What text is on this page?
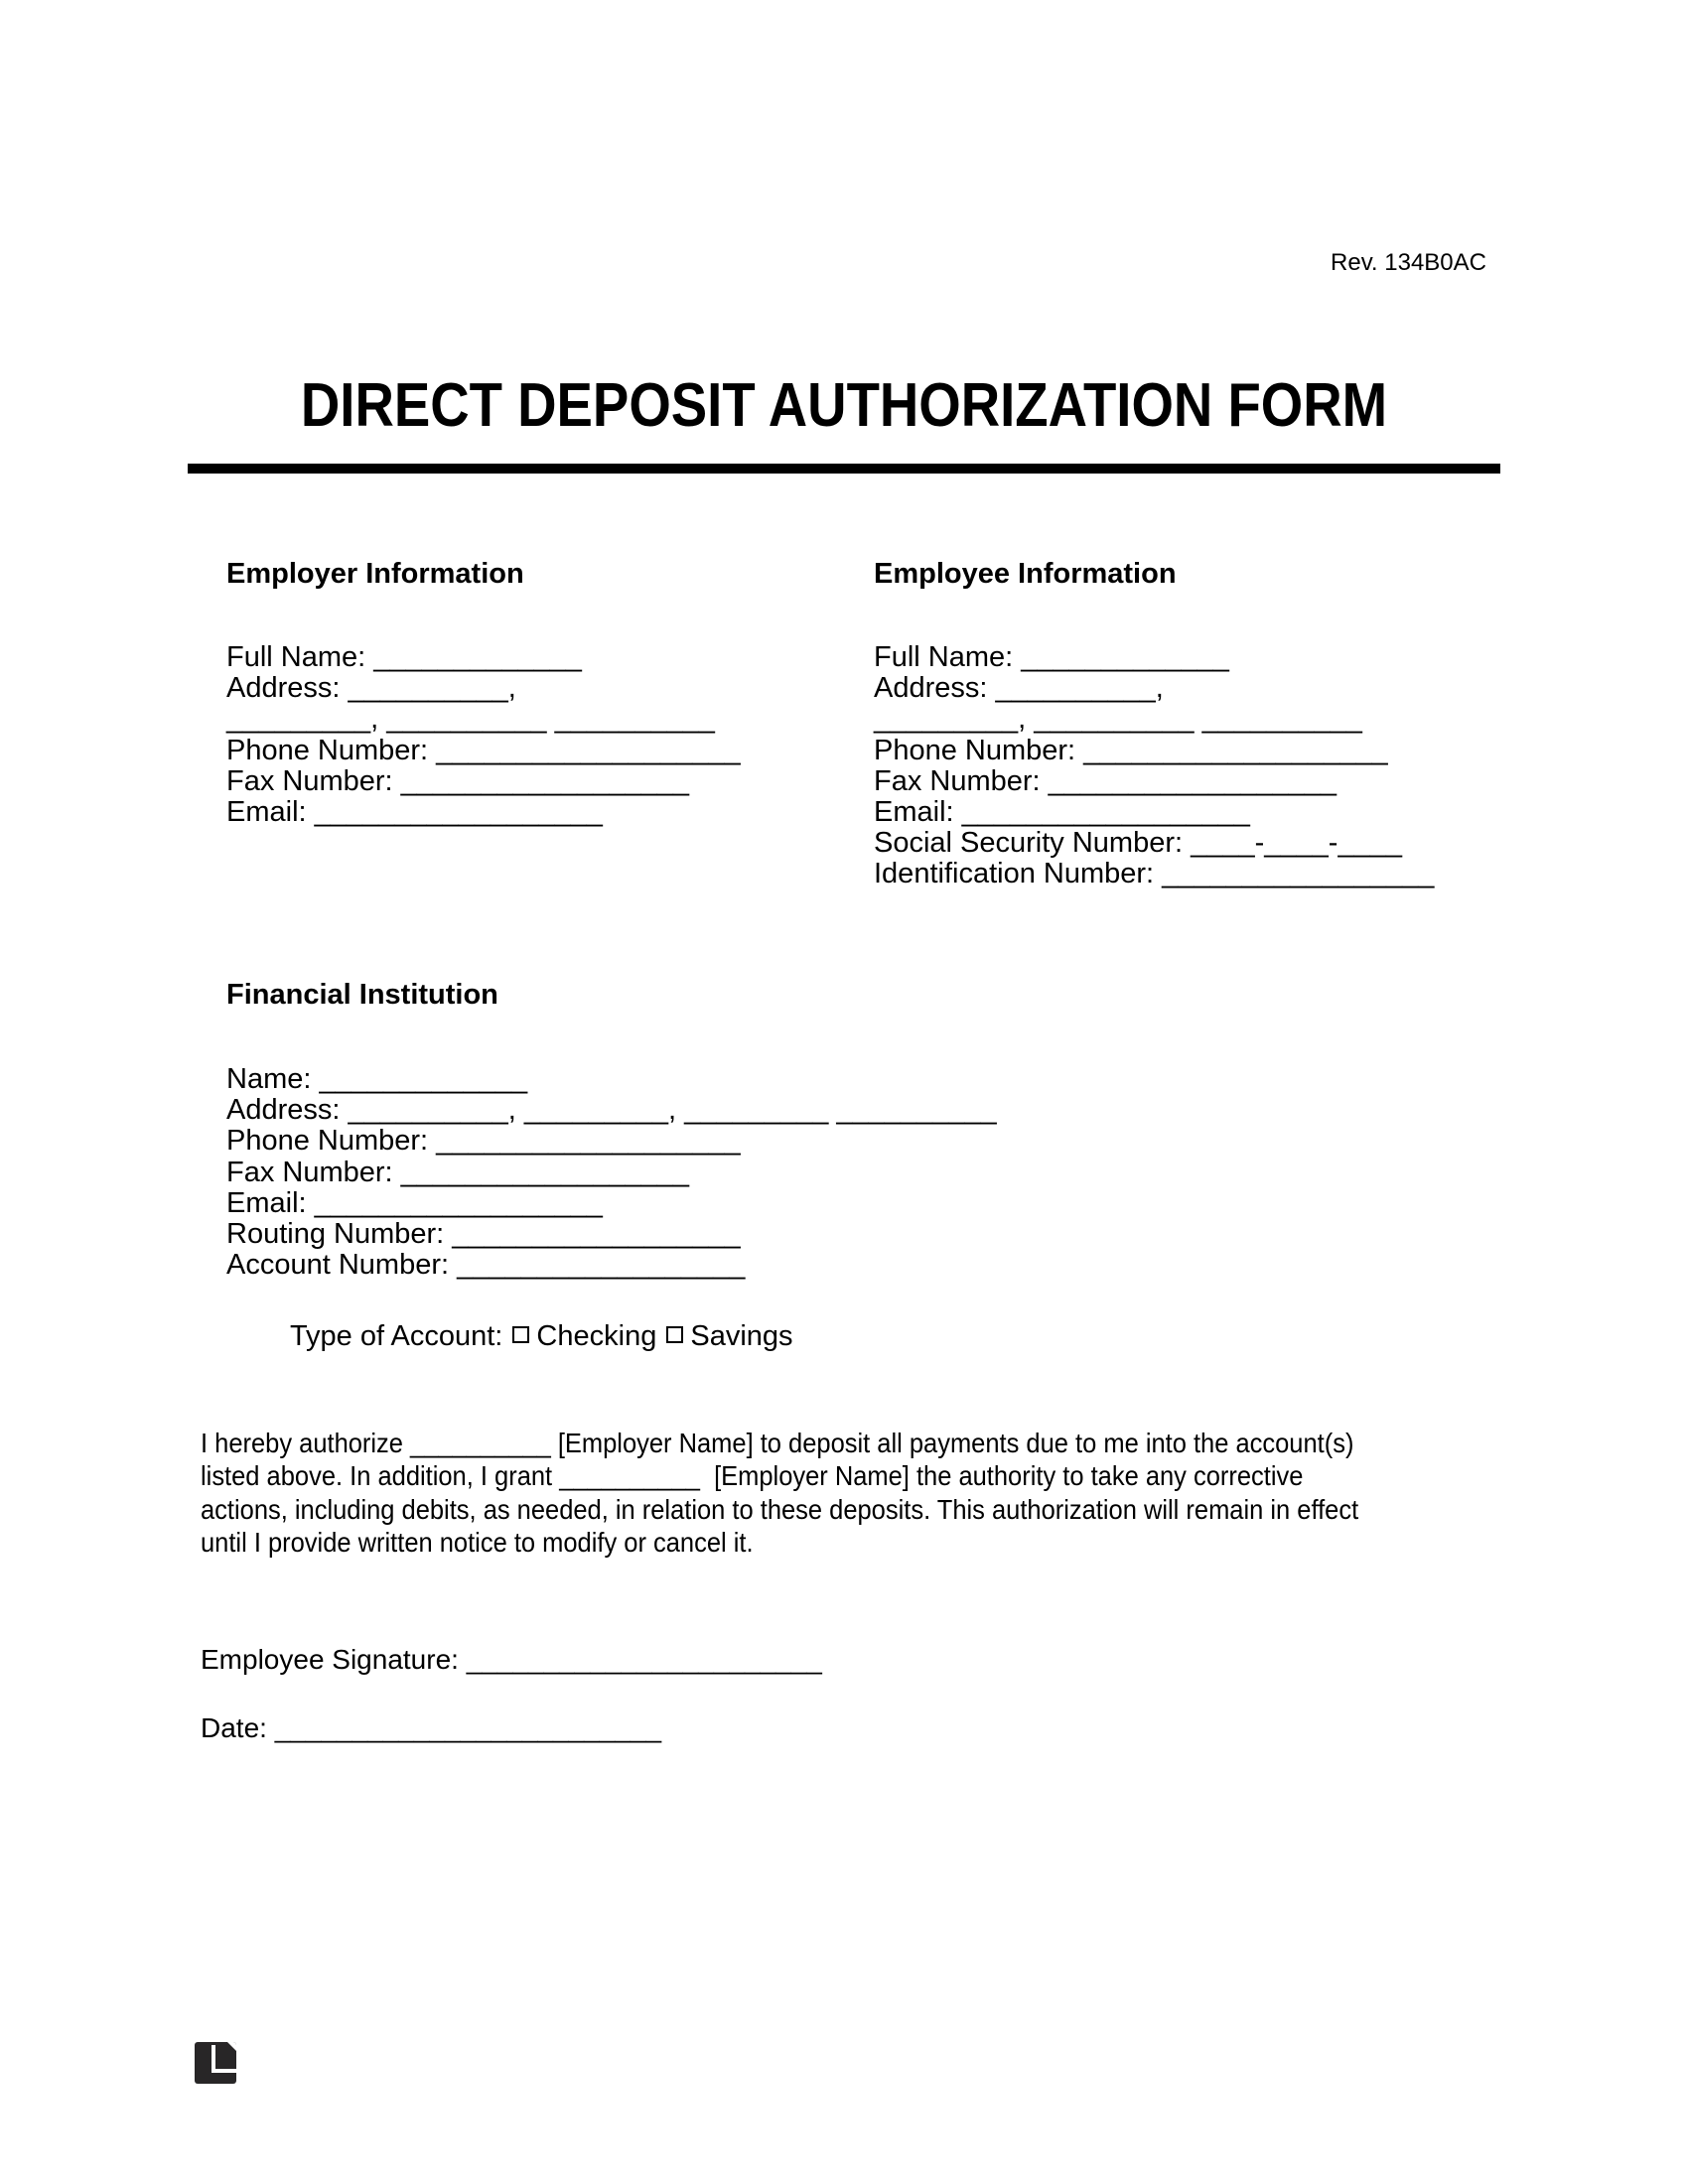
Rev. 134B0AC
DIRECT DEPOSIT AUTHORIZATION FORM
Employer Information
Full Name: _____________
Address: __________,
_________, __________ __________
Phone Number: ___________________
Fax Number: __________________
Email: __________________
Employee Information
Full Name: _____________
Address: __________,
_________, __________ __________
Phone Number: ___________________
Fax Number: __________________
Email: __________________
Social Security Number: ____-____-____
Identification Number: _________________
Financial Institution
Name: _____________
Address: __________, _________, _________ __________
Phone Number: ___________________
Fax Number: __________________
Email: __________________
Routing Number: __________________
Account Number: __________________

Type of Account: Checking Savings

I hereby authorize __________ [Employer Name] to deposit all payments due to me into the account(s)
listed above. In addition, I grant __________  [Employer Name] the authority to take any corrective
actions, including debits, as needed, in relation to these deposits. This authorization will remain in effect
until I provide written notice to modify or cancel it.
Employee Signature: _______________________
Date: _________________________
